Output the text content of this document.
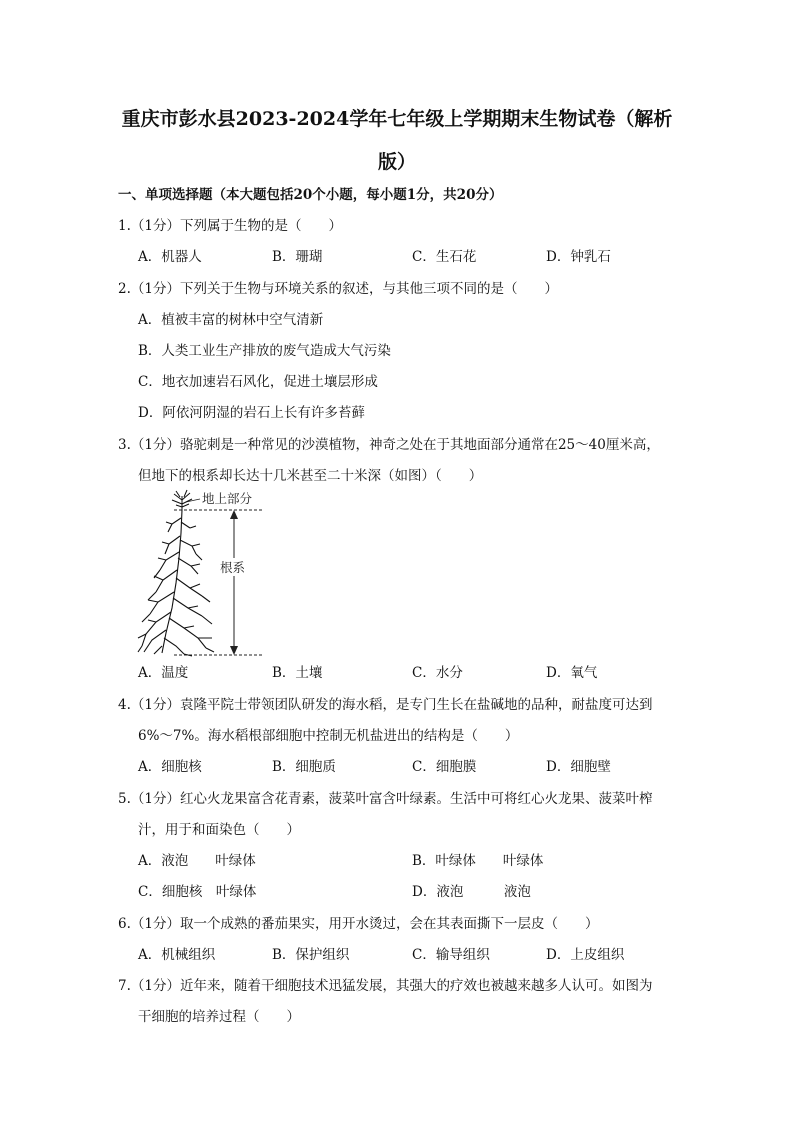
重庆市彭水县2023-2024学年七年级上学期期末生物试卷（解析
版）
一、单项选择题（本大题包括20个小题，每小题1分，共20分）
1.（1分）下列属于生物的是（　　）
A．机器人	B．珊瑚	C．生石花	D．钟乳石
2.（1分）下列关于生物与环境关系的叙述，与其他三项不同的是（　　）
A．植被丰富的树林中空气清新
B．人类工业生产排放的废气造成大气污染
C．地衣加速岩石风化，促进土壤层形成
D．阿依河阴湿的岩石上长有许多苔藓
3.（1分）骆驼刺是一种常见的沙漠植物，神奇之处在于其地面部分通常在25～40厘米高，
但地下的根系却长达十几米甚至二十米深（如图）（　　）
根系
地上部分
A．温度	B．土壤	C．水分	D．氧气
4.（1分）袁隆平院士带领团队研发的海水稻，是专门生长在盐碱地的品种，耐盐度可达到
6%～7%。海水稻根部细胞中控制无机盐进出的结构是（　　）
A．细胞核	B．细胞质	C．细胞膜	D．细胞壁
5.（1分）红心火龙果富含花青素，菠菜叶富含叶绿素。生活中可将红心火龙果、菠菜叶榨
汁，用于和面染色（　　）
A．液泡　　叶绿体	B．叶绿体　　叶绿体
C．细胞核　叶绿体	D．液泡　　　液泡
6.（1分）取一个成熟的番茄果实，用开水烫过，会在其表面撕下一层皮（　　）
A．机械组织	B．保护组织	C．输导组织	D．上皮组织
7.（1分）近年来，随着干细胞技术迅猛发展，其强大的疗效也被越来越多人认可。如图为
干细胞的培养过程（　　）
